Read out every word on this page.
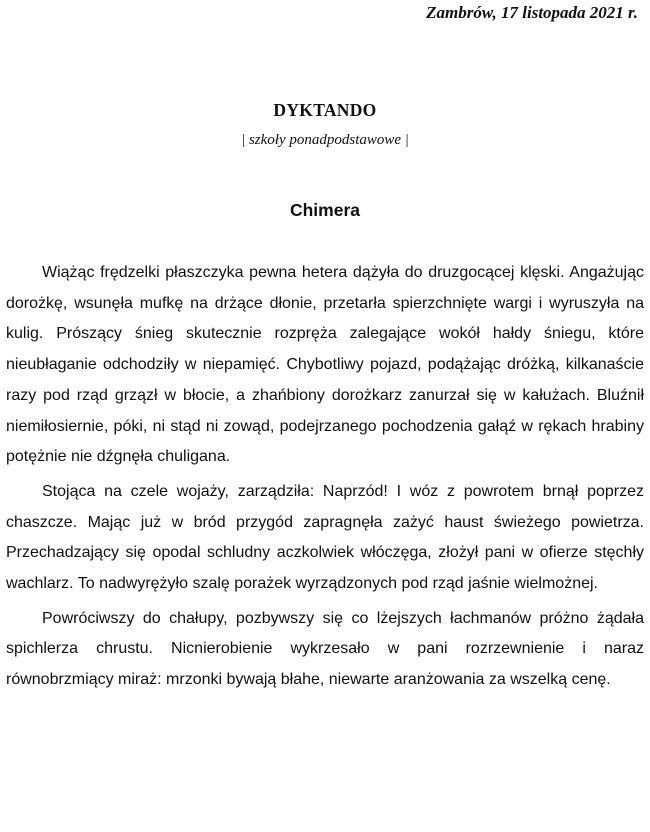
Zambrów, 17 listopada 2021 r.
DYKTANDO
| szkoły ponadpodstawowe |
Chimera

Wiążąc frędzelki płaszczyka pewna hetera dążyła do druzgocącej klęski. Angażując dorożkę, wsunęła mufkę na drżące dłonie, przetarła spierzchnięte wargi i wyruszyła na kulig. Prószący śnieg skutecznie rozpręża zalegające wokół hałdy śniegu, które nieubłaganie odchodziły w niepamięć. Chybotliwy pojazd, podążając dróżką, kilkanaście razy pod rząd grzązł w błocie, a zhańbiony dorożkarz zanurzał się w kałużach. Bluźnił niemiłosiernie, póki, ni stąd ni zowąd, podejrzanego pochodzenia gałąź w rękach hrabiny potężnie nie dźgnęła chuligana.

Stojąca na czele wojaży, zarządziła: Naprzód! I wóz z powrotem brnął poprzez chaszcze. Mając już w bród przygód zapragnęła zażyć haust świeżego powietrza. Przechadzający się opodal schludny aczkolwiek włóczęga, złożył pani w ofierze stęchły wachlarz. To nadwyrężyło szalę porażek wyrządzonych pod rząd jaśnie wielmożnej.

Powróciwszy do chałupy, pozbywszy się co lżejszych łachmanów próżno żądała spichlerza chrustu. Nicnierobienie wykrzesało w pani rozrzewnienie i naraz równobrzmiący miraż: mrzonki bywają błahe, niewarte aranżowania za wszelką cenę.
